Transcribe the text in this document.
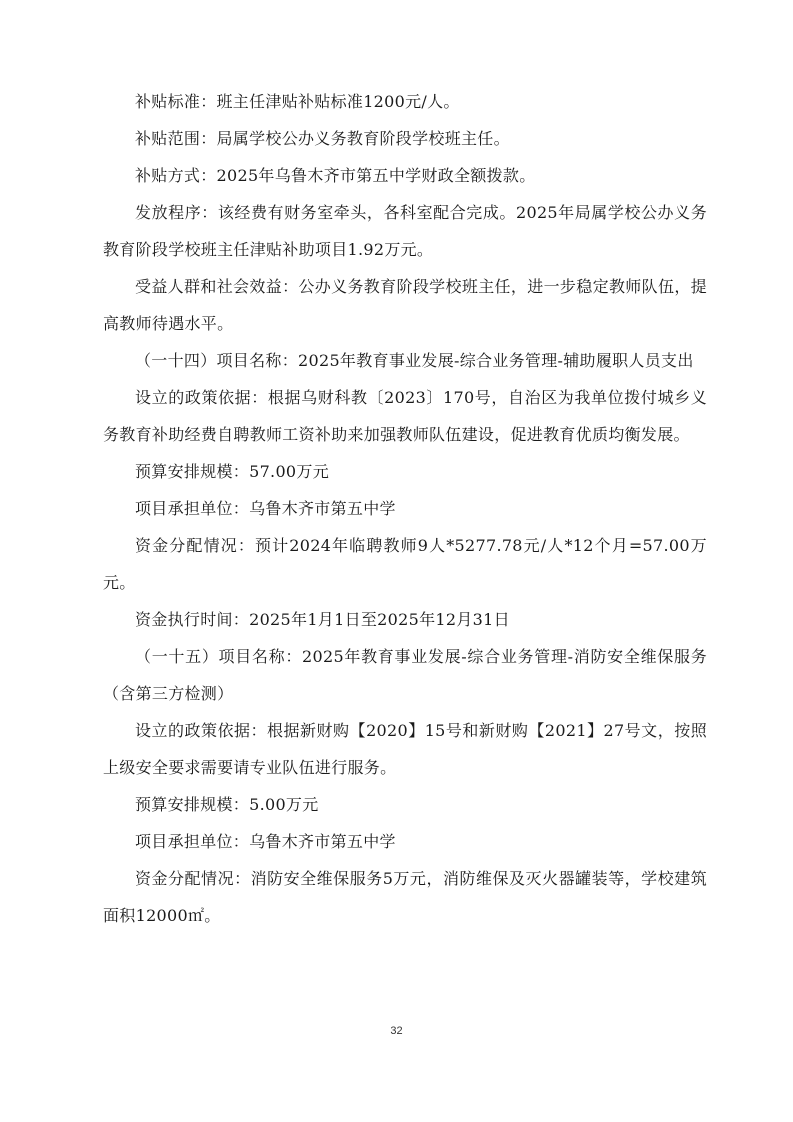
补贴标准：班主任津贴补贴标准1200元/人。

补贴范围：局属学校公办义务教育阶段学校班主任。

补贴方式：2025年乌鲁木齐市第五中学财政全额拨款。

发放程序：该经费有财务室牵头，各科室配合完成。2025年局属学校公办义务教育阶段学校班主任津贴补助项目1.92万元。

受益人群和社会效益：公办义务教育阶段学校班主任，进一步稳定教师队伍，提高教师待遇水平。

（一十四）项目名称：2025年教育事业发展-综合业务管理-辅助履职人员支出

设立的政策依据：根据乌财科教〔2023〕170号，自治区为我单位拨付城乡义务教育补助经费自聘教师工资补助来加强教师队伍建设，促进教育优质均衡发展。

预算安排规模：57.00万元

项目承担单位：乌鲁木齐市第五中学

资金分配情况：预计2024年临聘教师9人*5277.78元/人*12个月=57.00万元。

资金执行时间：2025年1月1日至2025年12月31日

（一十五）项目名称：2025年教育事业发展-综合业务管理-消防安全维保服务（含第三方检测）

设立的政策依据：根据新财购【2020】15号和新财购【2021】27号文，按照上级安全要求需要请专业队伍进行服务。

预算安排规模：5.00万元

项目承担单位：乌鲁木齐市第五中学

资金分配情况：消防安全维保服务5万元，消防维保及灭火器罐装等，学校建筑面积12000㎡。

32
